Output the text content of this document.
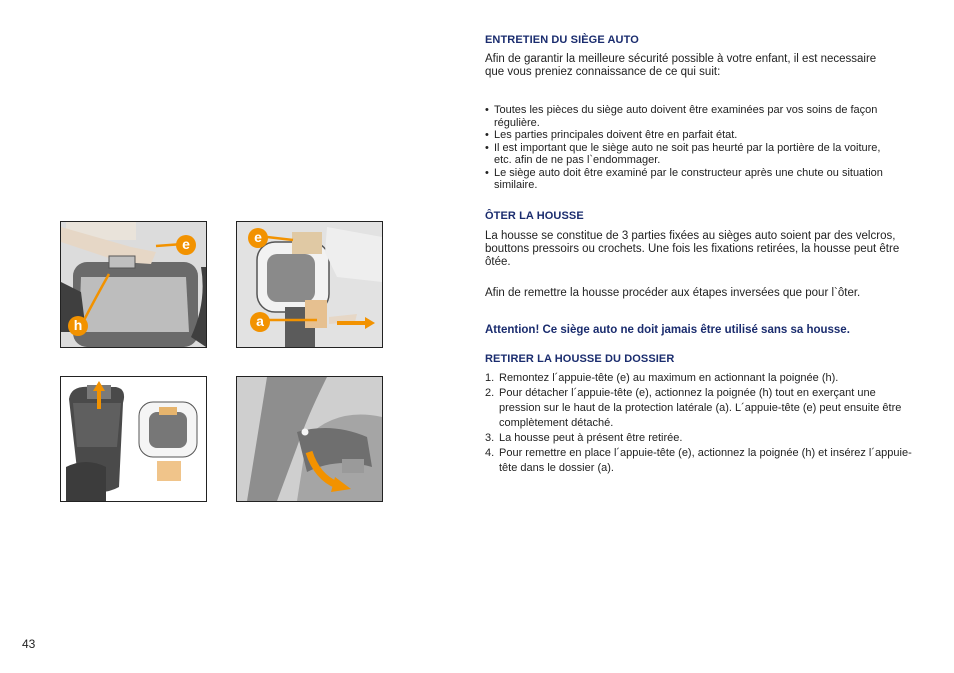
e
h
e
a
ENTRETIEN DU SIÈGE AUTO

Afin de garantir la meilleure sécurité possible à votre enfant, il est necessaire que vous preniez connaissance de ce qui suit:

• Toutes les pièces du siège auto doivent être examinées par vos soins de façon régulière.
• Les parties principales doivent être en parfait état.
• Il est important que le siège auto ne soit pas heurté par la portière de la voiture, etc. afin de ne pas l`endommager.
• Le siège auto doit être examiné par le constructeur après une chute ou situation similaire.
ÔTER LA HOUSSE

La housse se constitue de 3 parties fixées au sièges auto soient par des velcros, bouttons pressoirs ou crochets. Une fois les fixations retirées, la housse peut être ôtée.

Afin de remettre la housse procéder aux étapes inversées que pour l`ôter.

Attention! Ce siège auto ne doit jamais être utilisé sans sa housse.

RETIRER LA HOUSSE DU DOSSIER
1. Remontez l´appuie-tête (e) au maximum en actionnant la poignée (h).
2. Pour détacher l´appuie-tête (e), actionnez la poignée (h) tout en exerçant une pression sur le haut de la protection latérale (a). L´appuie-tête (e) peut ensuite être complètement détaché.
3. La housse peut à présent être retirée.
4. Pour remettre en place l´appuie-tête (e), actionnez la poignée (h) et insérez l´appuie-tête dans le dossier (a).
43
